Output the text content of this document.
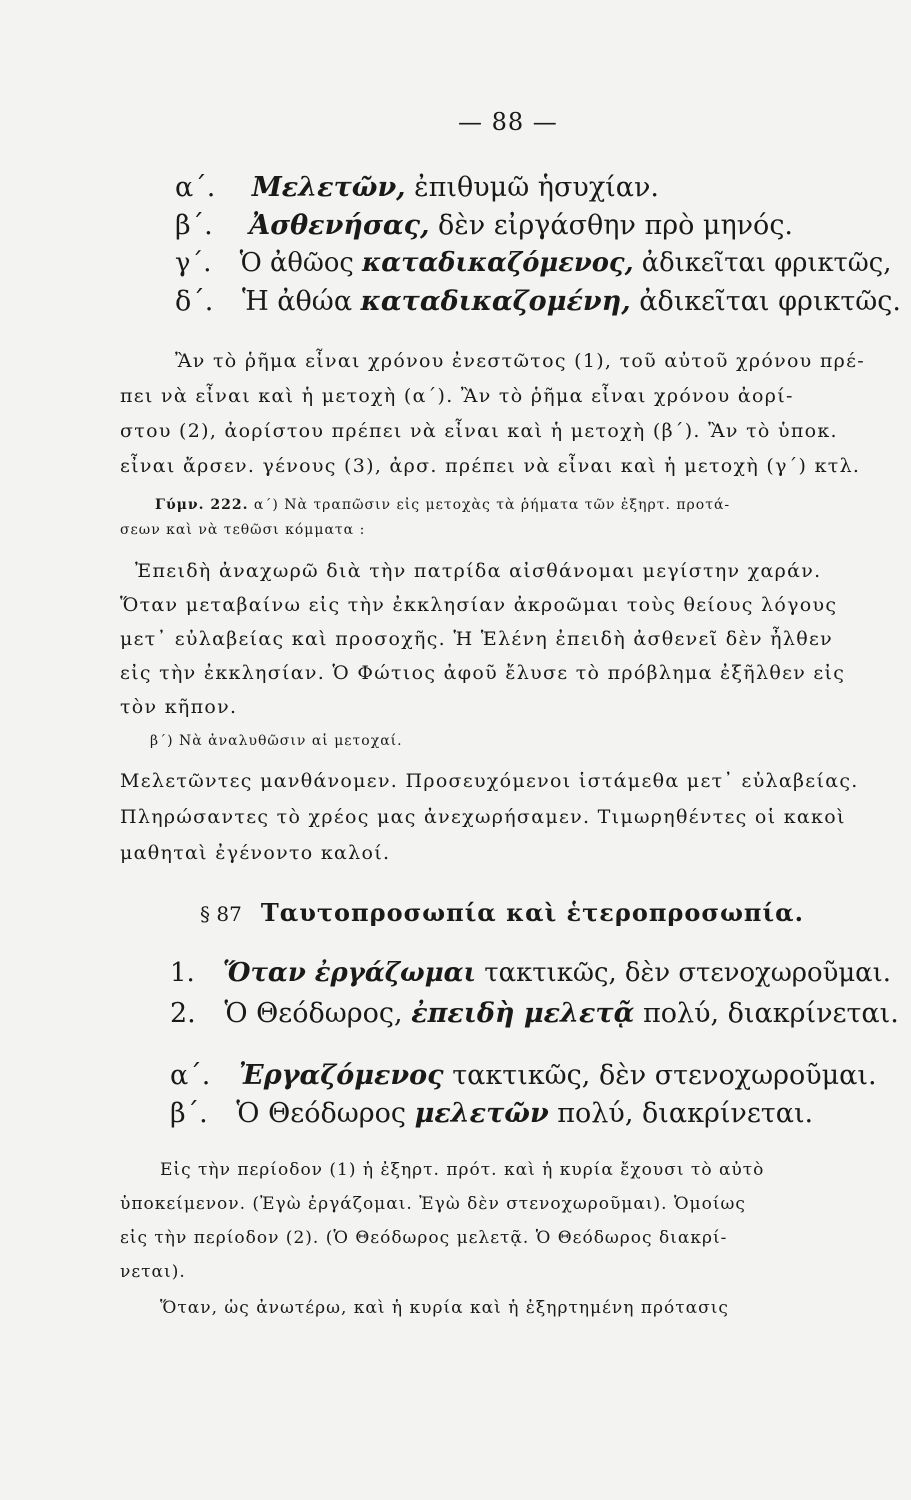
— 88 —
α΄. Μελετῶν, ἐπιθυμῶ ἡσυχίαν.
β΄. Ἀσθενήσας, δὲν εἰργάσθην πρὸ μηνός.
γ΄. Ὁ ἀθῶος καταδικαζόμενος, ἀδικεῖται φρικτῶς,
δ΄. Ἡ ἀθώα καταδικαζομένη, ἀδικεῖται φρικτῶς.
Ἂν τὸ ῥῆμα εἶναι χρόνου ἐνεστῶτος (1), τοῦ αὐτοῦ χρόνου πρέ-
πει νὰ εἶναι καὶ ἡ μετοχὴ (α΄). Ἂν τὸ ῥῆμα εἶναι χρόνου ἀορί-
στου (2), ἀορίστου πρέπει νὰ εἶναι καὶ ἡ μετοχὴ (β΄). Ἂν τὸ ὑποκ.
εἶναι ἄρσεν. γένους (3), ἀρσ. πρέπει νὰ εἶναι καὶ ἡ μετοχὴ (γ΄) κτλ.
Γύμν. 222. α΄) Νὰ τραπῶσιν εἰς μετοχὰς τὰ ῥήματα τῶν ἐξηρτ. προτά-
σεων καὶ νὰ τεθῶσι κόμματα :
Ἐπειδὴ ἀναχωρῶ διὰ τὴν πατρίδα αἰσθάνομαι μεγίστην χαράν.
Ὅταν μεταβαίνω εἰς τὴν ἐκκλησίαν ἀκροῶμαι τοὺς θείους λόγους
μετ᾽ εὐλαβείας καὶ προσοχῆς. Ἡ Ἑλένη ἐπειδὴ ἀσθενεῖ δὲν ἦλθεν
εἰς τὴν ἐκκλησίαν. Ὁ Φώτιος ἀφοῦ ἔλυσε τὸ πρόβλημα ἐξῆλθεν εἰς
τὸν κῆπον.
β΄) Νὰ ἀναλυθῶσιν αἱ μετοχαί.
Μελετῶντες μανθάνομεν. Προσευχόμενοι ἱστάμεθα μετ᾽ εὐλαβείας.
Πληρώσαντες τὸ χρέος μας ἀνεχωρήσαμεν. Τιμωρηθέντες οἱ κακοὶ
μαθηταὶ ἐγένοντο καλοί.
§ 87 Ταυτοπροσωπία καὶ ἑτεροπροσωπία.
1. Ὅταν ἐργάζωμαι τακτικῶς, δὲν στενοχωροῦμαι.
2. Ὁ Θεόδωρος, ἐπειδὴ μελετᾷ πολύ, διακρίνεται.
α΄. Ἐργαζόμενος τακτικῶς, δὲν στενοχωροῦμαι.
β΄. Ὁ Θεόδωρος μελετῶν πολύ, διακρίνεται.
Εἰς τὴν περίοδον (1) ἡ ἐξηρτ. πρότ. καὶ ἡ κυρία ἔχουσι τὸ αὐτὸ
ὑποκείμενον. (Ἐγὼ ἐργάζομαι. Ἐγὼ δὲν στενοχωροῦμαι). Ὁμοίως
εἰς τὴν περίοδον (2). (Ὁ Θεόδωρος μελετᾷ. Ὁ Θεόδωρος διακρί-
νεται).
Ὅταν, ὡς ἀνωτέρω, καὶ ἡ κυρία καὶ ἡ ἐξηρτημένη πρότασις
